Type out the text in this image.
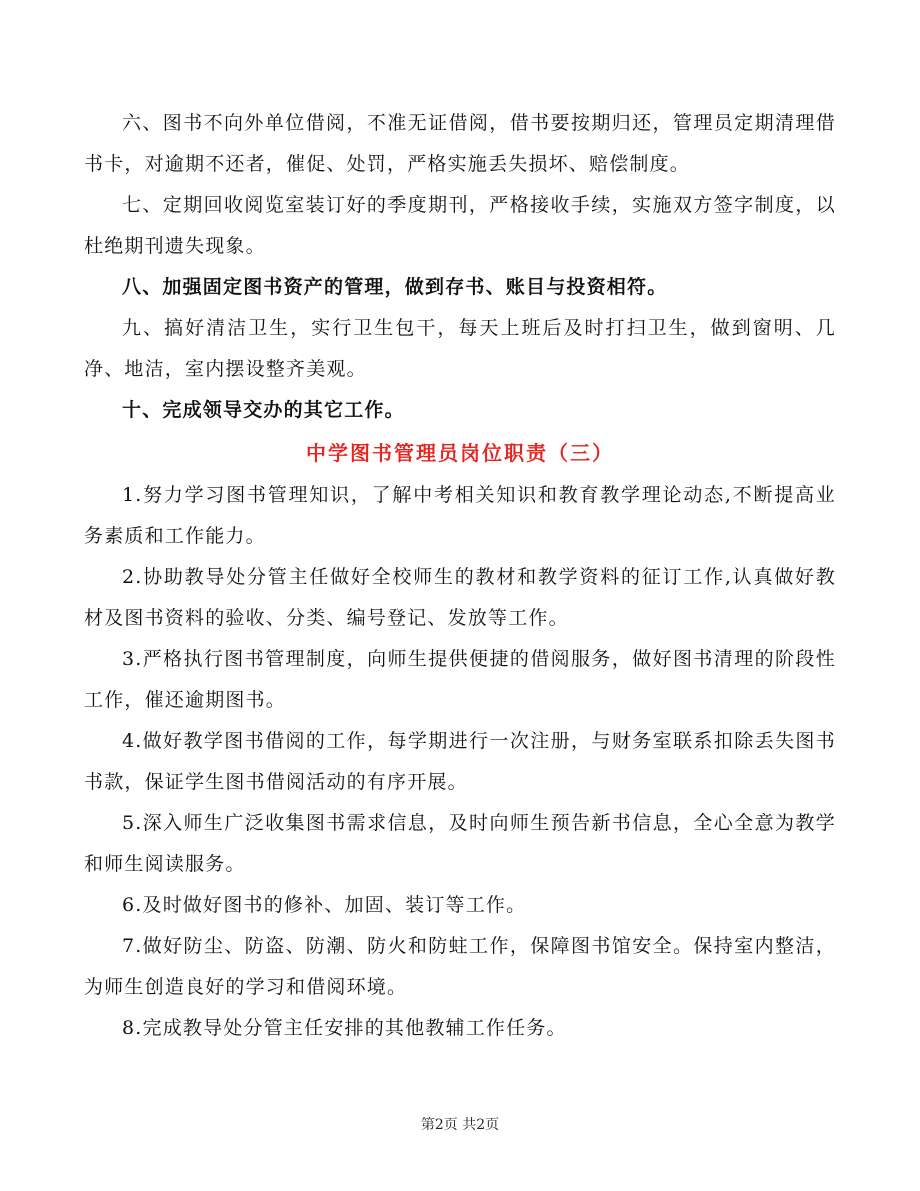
六、图书不向外单位借阅，不准无证借阅，借书要按期归还，管理员定期清理借书卡，对逾期不还者，催促、处罚，严格实施丢失损坏、赔偿制度。

七、定期回收阅览室装订好的季度期刊，严格接收手续，实施双方签字制度，以杜绝期刊遗失现象。

八、加强固定图书资产的管理，做到存书、账目与投资相符。

九、搞好清洁卫生，实行卫生包干，每天上班后及时打扫卫生，做到窗明、几净、地洁，室内摆设整齐美观。

十、完成领导交办的其它工作。

中学图书管理员岗位职责（三）

1.努力学习图书管理知识，了解中考相关知识和教育教学理论动态,不断提高业务素质和工作能力。

2.协助教导处分管主任做好全校师生的教材和教学资料的征订工作,认真做好教材及图书资料的验收、分类、编号登记、发放等工作。

3.严格执行图书管理制度，向师生提供便捷的借阅服务，做好图书清理的阶段性工作，催还逾期图书。

4.做好教学图书借阅的工作，每学期进行一次注册，与财务室联系扣除丢失图书书款，保证学生图书借阅活动的有序开展。

5.深入师生广泛收集图书需求信息，及时向师生预告新书信息，全心全意为教学和师生阅读服务。

6.及时做好图书的修补、加固、装订等工作。

7.做好防尘、防盗、防潮、防火和防蛀工作，保障图书馆安全。保持室内整洁，为师生创造良好的学习和借阅环境。

8.完成教导处分管主任安排的其他教辅工作任务。

第2页 共2页
